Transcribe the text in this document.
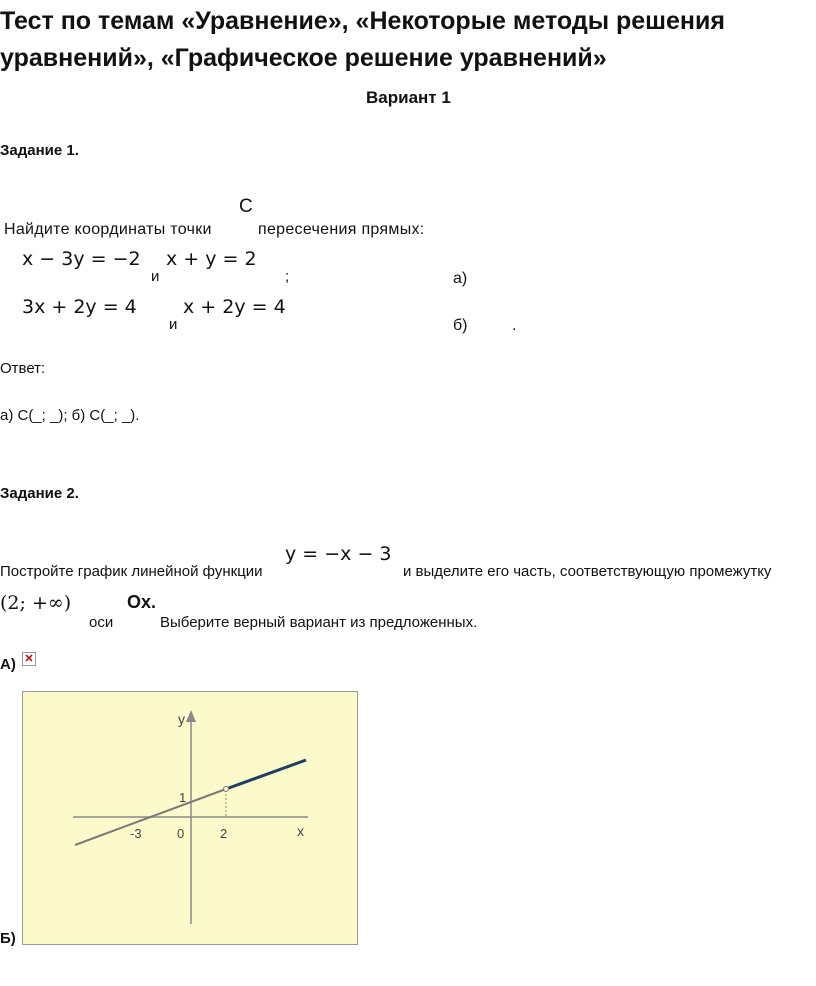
Тест по темам «Уравнение», «Некоторые методы решения
уравнений», «Графическое решение уравнений»
Вариант 1
Задание 1.
Найдите координаты точки
C
пересечения прямых:
x − 3y = −2
и
x + y = 2
;	а)
3x + 2y = 4
и
x + 2y = 4
б)	.
Ответ:
а) C(_; _); б) C(_; _).
Задание 2.
Постройте график линейной функции
y = −x − 3
и выделите его часть, соответствующую промежутку
(2; +∞)	Ox.
оси	Выберите верный вариант из предложенных.
А) ✕
y
x
-3	0	2
1
Б)
